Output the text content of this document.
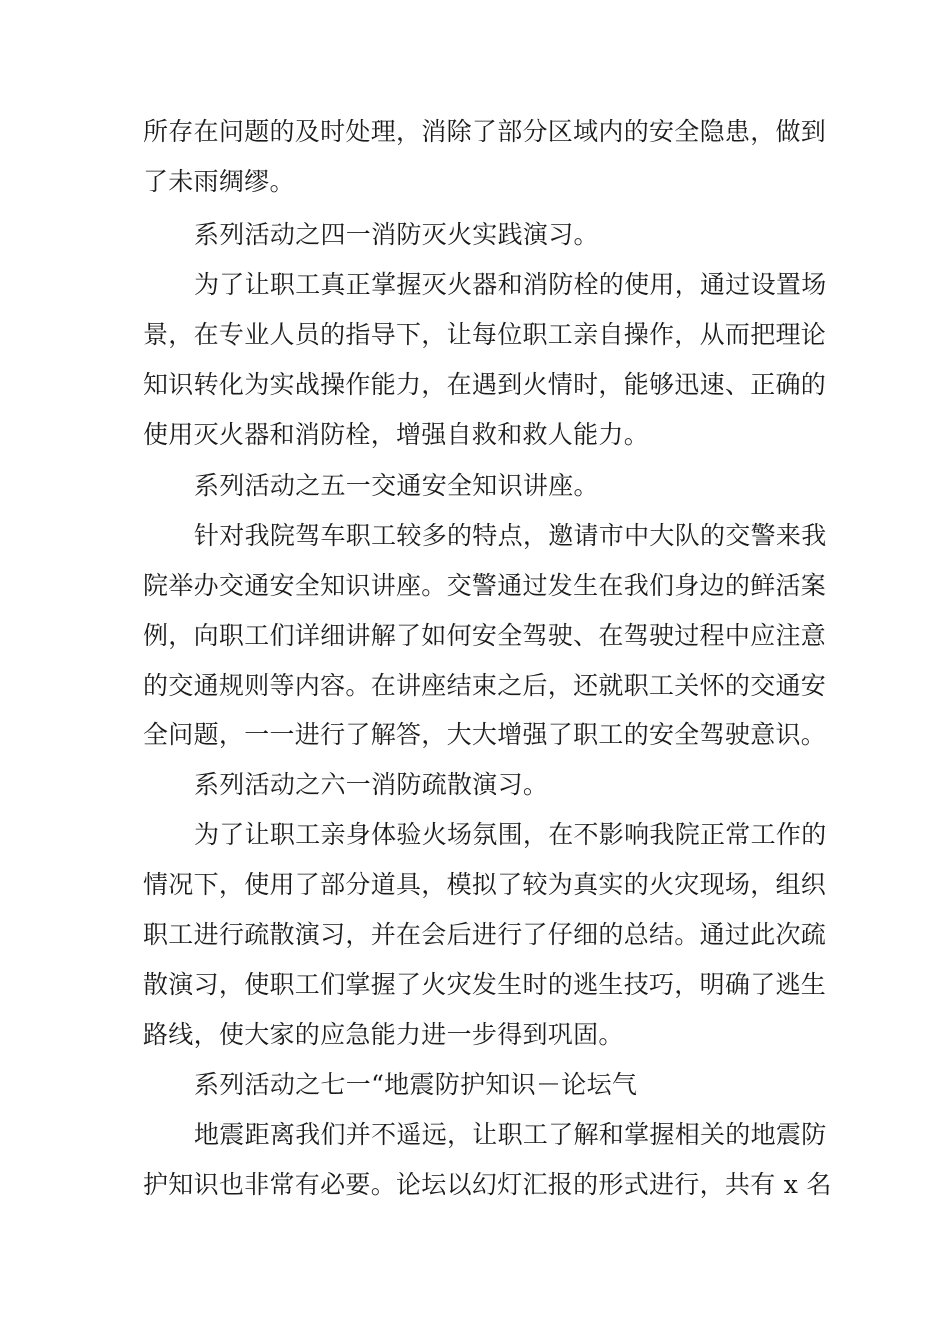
所存在问题的及时处理，消除了部分区域内的安全隐患，做到
了未雨绸缪。
系列活动之四一消防灭火实践演习。
为了让职工真正掌握灭火器和消防栓的使用，通过设置场
景，在专业人员的指导下，让每位职工亲自操作，从而把理论
知识转化为实战操作能力，在遇到火情时，能够迅速、正确的
使用灭火器和消防栓，增强自救和救人能力。
系列活动之五一交通安全知识讲座。
针对我院驾车职工较多的特点，邀请市中大队的交警来我
院举办交通安全知识讲座。交警通过发生在我们身边的鲜活案
例，向职工们详细讲解了如何安全驾驶、在驾驶过程中应注意
的交通规则等内容。在讲座结束之后，还就职工关怀的交通安
全问题，一一进行了解答，大大增强了职工的安全驾驶意识。
系列活动之六一消防疏散演习。
为了让职工亲身体验火场氛围，在不影响我院正常工作的
情况下，使用了部分道具，模拟了较为真实的火灾现场，组织
职工进行疏散演习，并在会后进行了仔细的总结。通过此次疏
散演习，使职工们掌握了火灾发生时的逃生技巧，明确了逃生
路线，使大家的应急能力进一步得到巩固。
系列活动之七一“地震防护知识－论坛气
地震距离我们并不遥远，让职工了解和掌握相关的地震防
护知识也非常有必要。论坛以幻灯汇报的形式进行，共有 x 名
